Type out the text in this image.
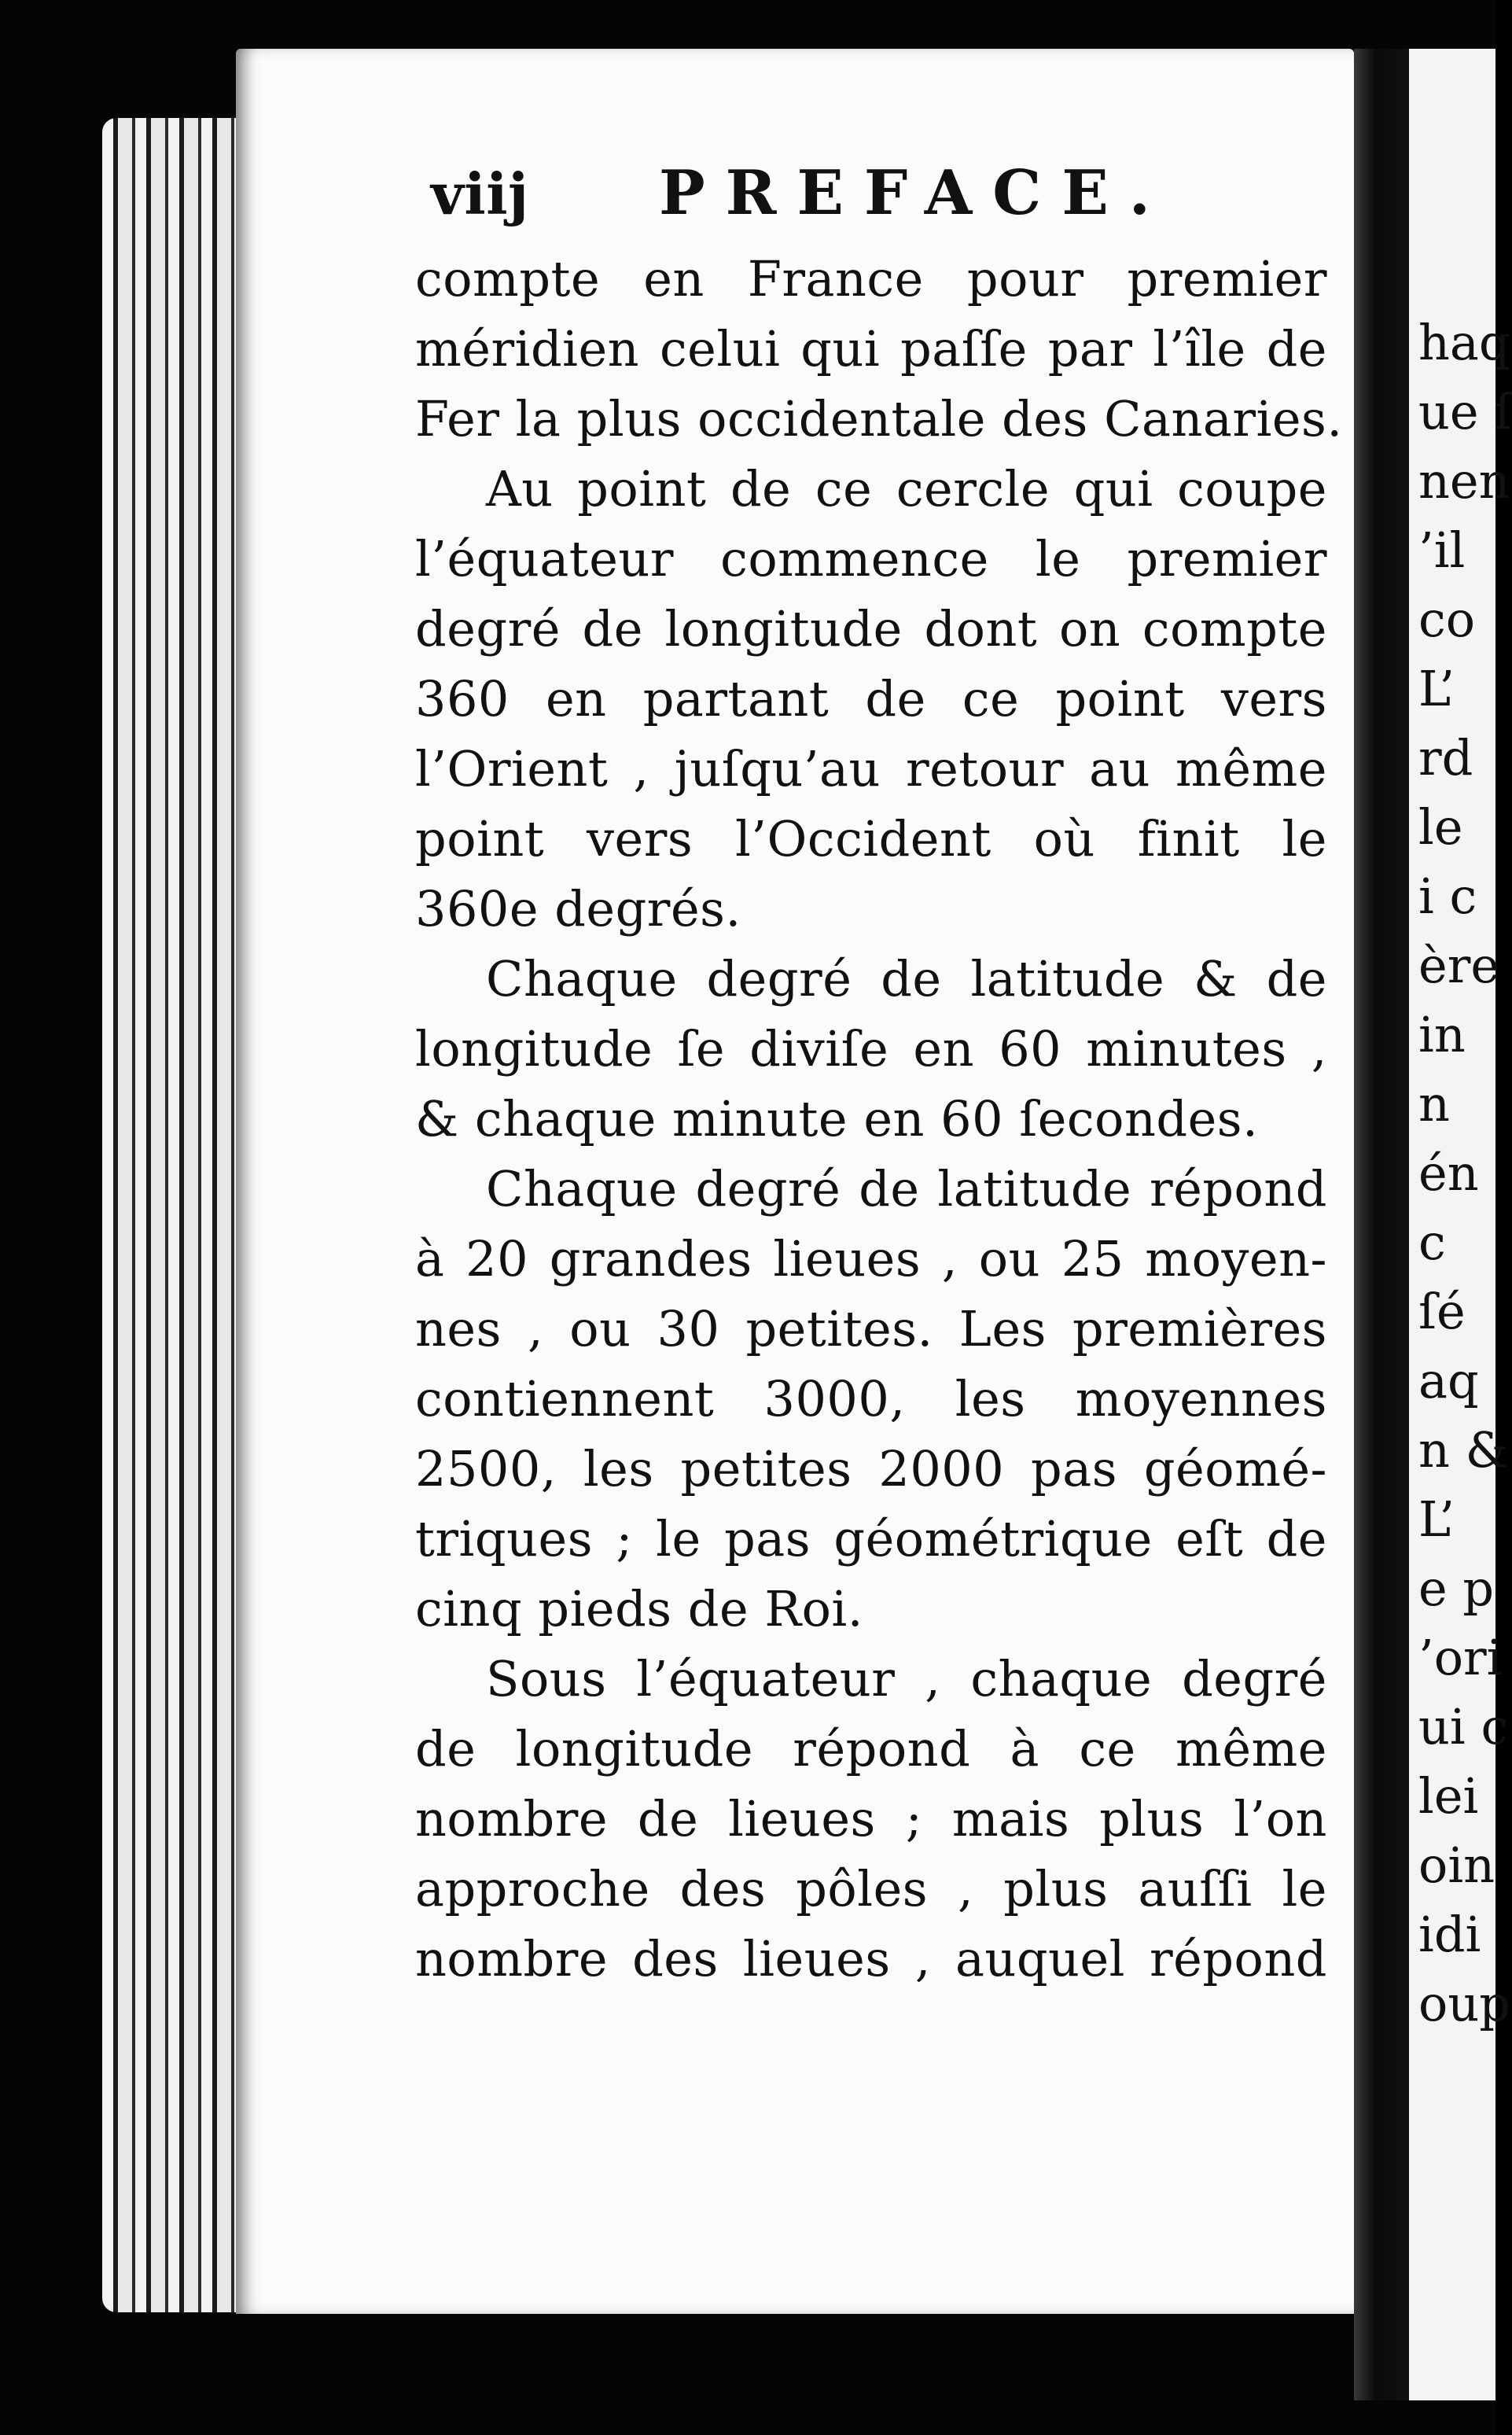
haq
ue ſ
nen
’il
co
L’
rd
le
i c
ère
in
n
én
c
ſé
aq
n &
L’
e p
’ori
ui c
lei
oin
idi
oup
viij	PREFACE.
compte en France pour premier
méridien celui qui paſſe par l’île de
Fer la plus occidentale des Canaries.
Au point de ce cercle qui coupe
l’équateur commence le premier
degré de longitude dont on compte
360 en partant de ce point vers
l’Orient , juſqu’au retour au même
point vers l’Occident où finit le
360e degrés.
Chaque degré de latitude & de
longitude ſe diviſe en 60 minutes ,
& chaque minute en 60 ſecondes.
Chaque degré de latitude répond
à 20 grandes lieues , ou 25 moyen-
nes , ou 30 petites. Les premières
contiennent 3000, les moyennes
2500, les petites 2000 pas géomé-
triques ; le pas géométrique eſt de
cinq pieds de Roi.
Sous l’équateur , chaque degré
de longitude répond à ce même
nombre de lieues ; mais plus l’on
approche des pôles , plus auſſi le
nombre des lieues , auquel répond
